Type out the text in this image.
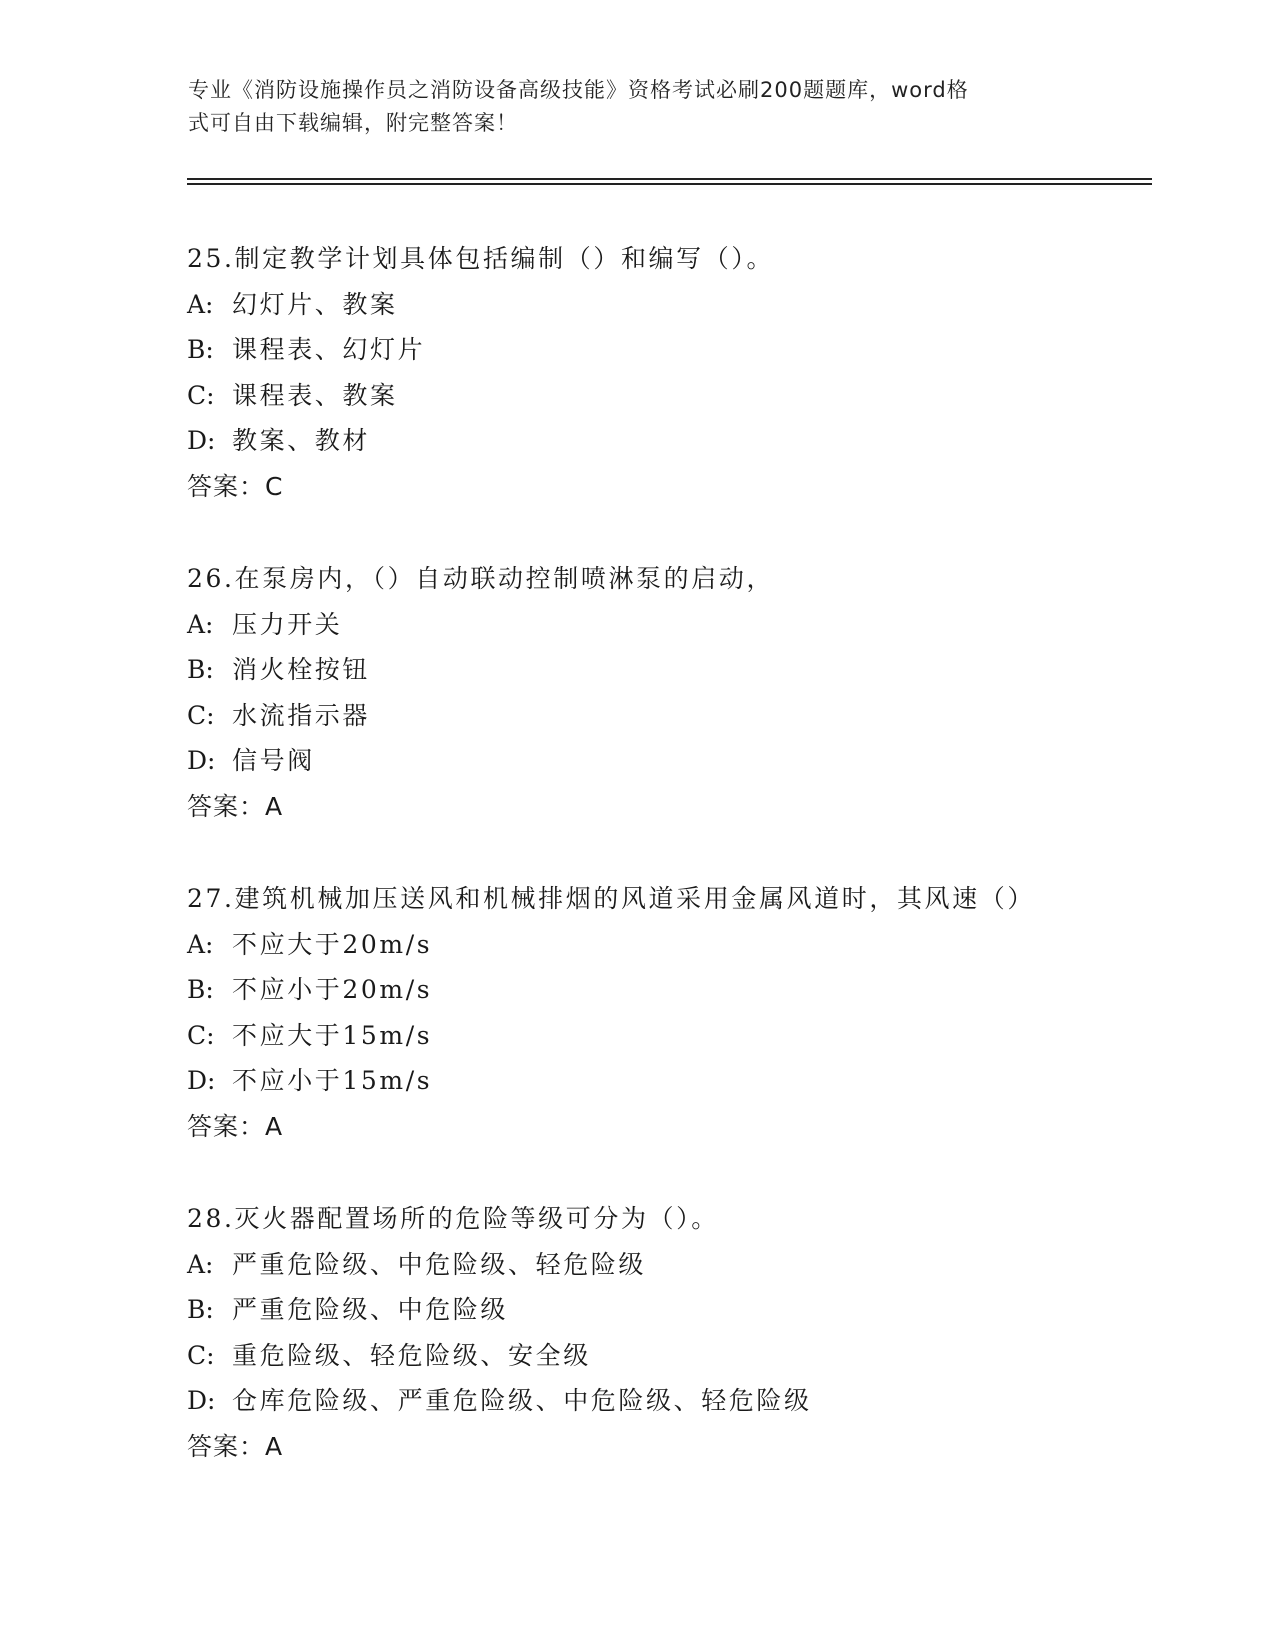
专业《消防设施操作员之消防设备高级技能》资格考试必刷200题题库，word格
式可自由下载编辑，附完整答案！
25.制定教学计划具体包括编制（）和编写（）。
A: 幻灯片、教案
B: 课程表、幻灯片
C: 课程表、教案
D: 教案、教材
答案：C
26.在泵房内，（）自动联动控制喷淋泵的启动，
A: 压力开关
B: 消火栓按钮
C: 水流指示器
D: 信号阀
答案：A
27.建筑机械加压送风和机械排烟的风道采用金属风道时，其风速（）
A: 不应大于20m/s
B: 不应小于20m/s
C: 不应大于15m/s
D: 不应小于15m/s
答案：A
28.灭火器配置场所的危险等级可分为（）。
A: 严重危险级、中危险级、轻危险级
B: 严重危险级、中危险级
C: 重危险级、轻危险级、安全级
D: 仓库危险级、严重危险级、中危险级、轻危险级
答案：A
